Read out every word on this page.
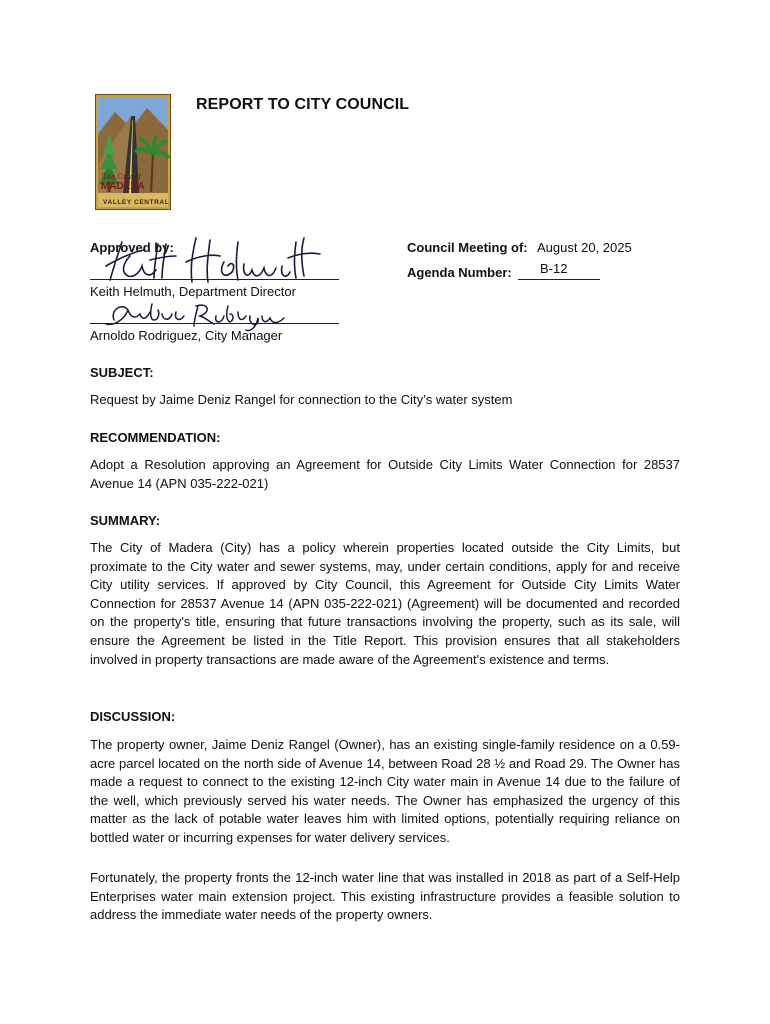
The City of
MADERA
VALLEY CENTRAL
REPORT TO CITY COUNCIL
Approved by:
Keith Helmuth, Department Director
Arnoldo Rodriguez, City Manager
Council Meeting of: August 20, 2025
Agenda Number: B-12
SUBJECT:
Request by Jaime Deniz Rangel for connection to the City’s water system
RECOMMENDATION:
Adopt a Resolution approving an Agreement for Outside City Limits Water Connection for 28537 Avenue 14 (APN 035-222-021)
SUMMARY:
The City of Madera (City) has a policy wherein properties located outside the City Limits, but proximate to the City water and sewer systems, may, under certain conditions, apply for and receive City utility services. If approved by City Council, this Agreement for Outside City Limits Water Connection for 28537 Avenue 14 (APN 035-222-021) (Agreement) will be documented and recorded on the property's title, ensuring that future transactions involving the property, such as its sale, will ensure the Agreement be listed in the Title Report. This provision ensures that all stakeholders involved in property transactions are made aware of the Agreement's existence and terms.
DISCUSSION:
The property owner, Jaime Deniz Rangel (Owner), has an existing single-family residence on a 0.59-acre parcel located on the north side of Avenue 14, between Road 28 ½ and Road 29. The Owner has made a request to connect to the existing 12-inch City water main in Avenue 14 due to the failure of the well, which previously served his water needs. The Owner has emphasized the urgency of this matter as the lack of potable water leaves him with limited options, potentially requiring reliance on bottled water or incurring expenses for water delivery services.
Fortunately, the property fronts the 12-inch water line that was installed in 2018 as part of a Self-Help Enterprises water main extension project. This existing infrastructure provides a feasible solution to address the immediate water needs of the property owners.
